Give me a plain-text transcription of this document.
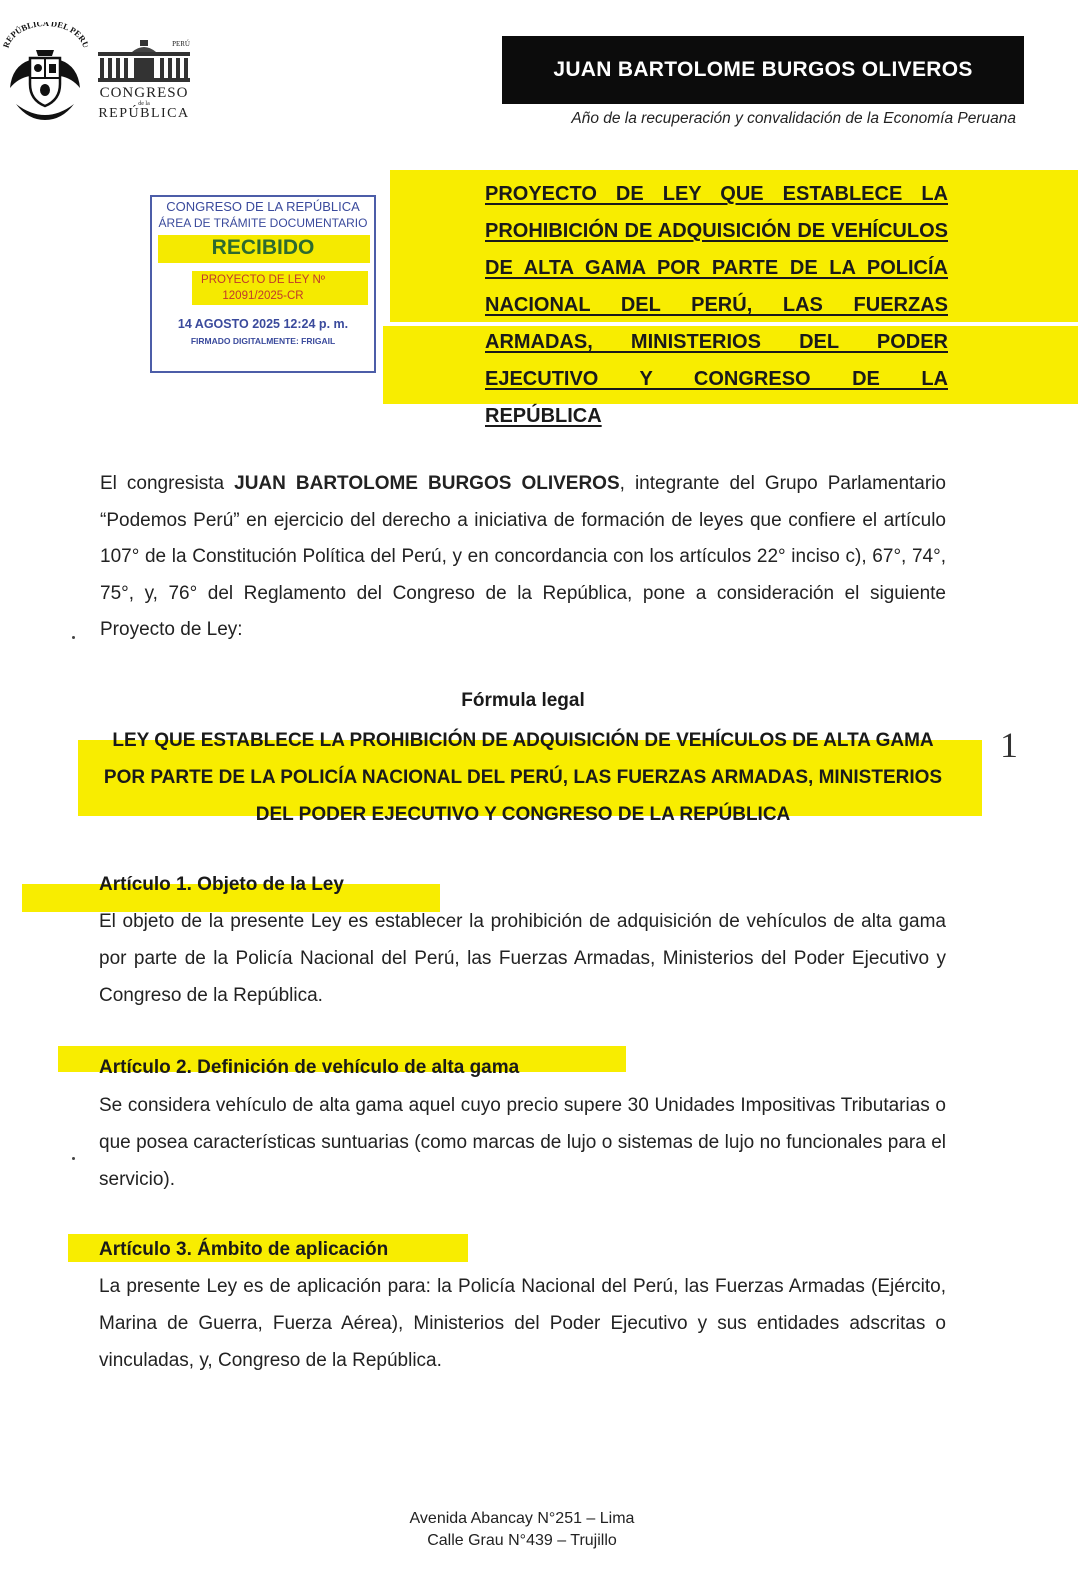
EPÚBLICA DEL PER
PERÚ
CONGRESO
de la
REPÚBLICA
JUAN BARTOLOME BURGOS OLIVEROS
Año de la recuperación y convalidación de la Economía Peruana
CONGRESO DE LA REPÚBLICA
ÁREA DE TRÁMITE DOCUMENTARIO
RECIBIDO
PROYECTO DE LEY Nº
12091/2025-CR
14 AGOSTO 2025 12:24 p. m.
FIRMADO DIGITALMENTE: FRIGAIL
PROYECTO DE LEY QUE ESTABLECE LA PROHIBICIÓN DE ADQUISICIÓN DE VEHÍCULOS DE ALTA GAMA POR PARTE DE LA POLICÍA NACIONAL DEL PERÚ, LAS FUERZAS ARMADAS, MINISTERIOS DEL PODER EJECUTIVO Y CONGRESO DE LA
REPÚBLICA
El congresista JUAN BARTOLOME BURGOS OLIVEROS, integrante del Grupo Parlamentario “Podemos Perú” en ejercicio del derecho a iniciativa de formación de leyes que confiere el artículo 107° de la Constitución Política del Perú, y en concordancia con los artículos 22° inciso c), 67°, 74°, 75°, y, 76° del Reglamento del Congreso de la República, pone a consideración el siguiente Proyecto de Ley:
Fórmula legal
LEY QUE ESTABLECE LA PROHIBICIÓN DE ADQUISICIÓN DE VEHÍCULOS DE ALTA GAMA POR PARTE DE LA POLICÍA NACIONAL DEL PERÚ, LAS FUERZAS ARMADAS, MINISTERIOS DEL PODER EJECUTIVO Y CONGRESO DE LA REPÚBLICA
1
Artículo 1. Objeto de la Ley
El objeto de la presente Ley es establecer la prohibición de adquisición de vehículos de alta gama por parte de la Policía Nacional del Perú, las Fuerzas Armadas, Ministerios del Poder Ejecutivo y Congreso de la República.
Artículo 2. Definición de vehículo de alta gama
Se considera vehículo de alta gama aquel cuyo precio supere 30 Unidades Impositivas Tributarias o que posea características suntuarias (como marcas de lujo o sistemas de lujo no funcionales para el servicio).
Artículo 3. Ámbito de aplicación
La presente Ley es de aplicación para: la Policía Nacional del Perú, las Fuerzas Armadas (Ejército, Marina de Guerra, Fuerza Aérea), Ministerios del Poder Ejecutivo y sus entidades adscritas o vinculadas, y, Congreso de la República.
Avenida Abancay N°251 – Lima
Calle Grau N°439 – Trujillo
